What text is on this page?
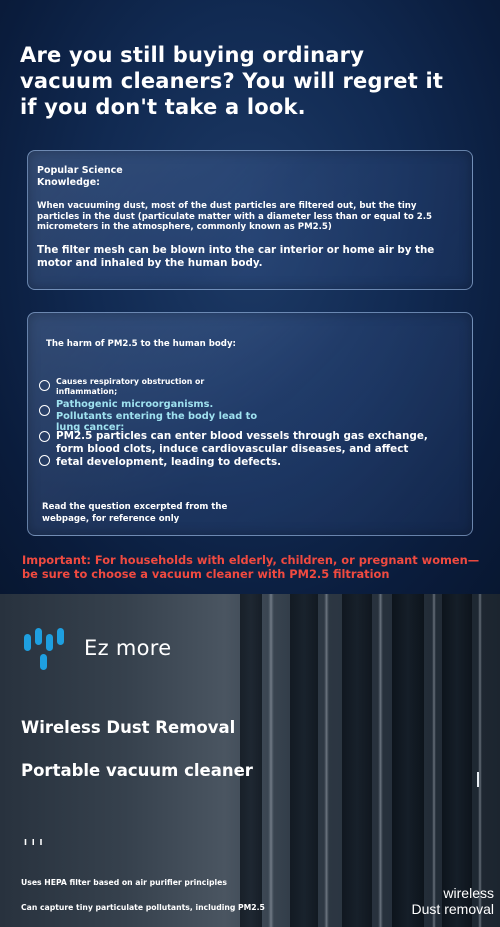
Are you still buying ordinary vacuum cleaners? You will regret it if you don't take a look.
Popular Science Knowledge:
When vacuuming dust, most of the dust particles are filtered out, but the tiny particles in the dust (particulate matter with a diameter less than or equal to 2.5 micrometers in the atmosphere, commonly known as PM2.5)
The filter mesh can be blown into the car interior or home air by the motor and inhaled by the human body.
The harm of PM2.5 to the human body:
Causes respiratory obstruction or inflammation;
Pathogenic microorganisms. Pollutants entering the body lead to lung cancer:
PM2.5 particles can enter blood vessels through gas exchange, form blood clots, induce cardiovascular diseases, and affect fetal development, leading to defects.
Read the question excerpted from the webpage, for reference only
Important: For households with elderly, children, or pregnant women—be sure to choose a vacuum cleaner with PM2.5 filtration
Ez more
Wireless Dust Removal
Portable vacuum cleaner
I I I
Uses HEPA filter based on air purifier principles
Can capture tiny particulate pollutants, including PM2.5
wireless
Dust removal
